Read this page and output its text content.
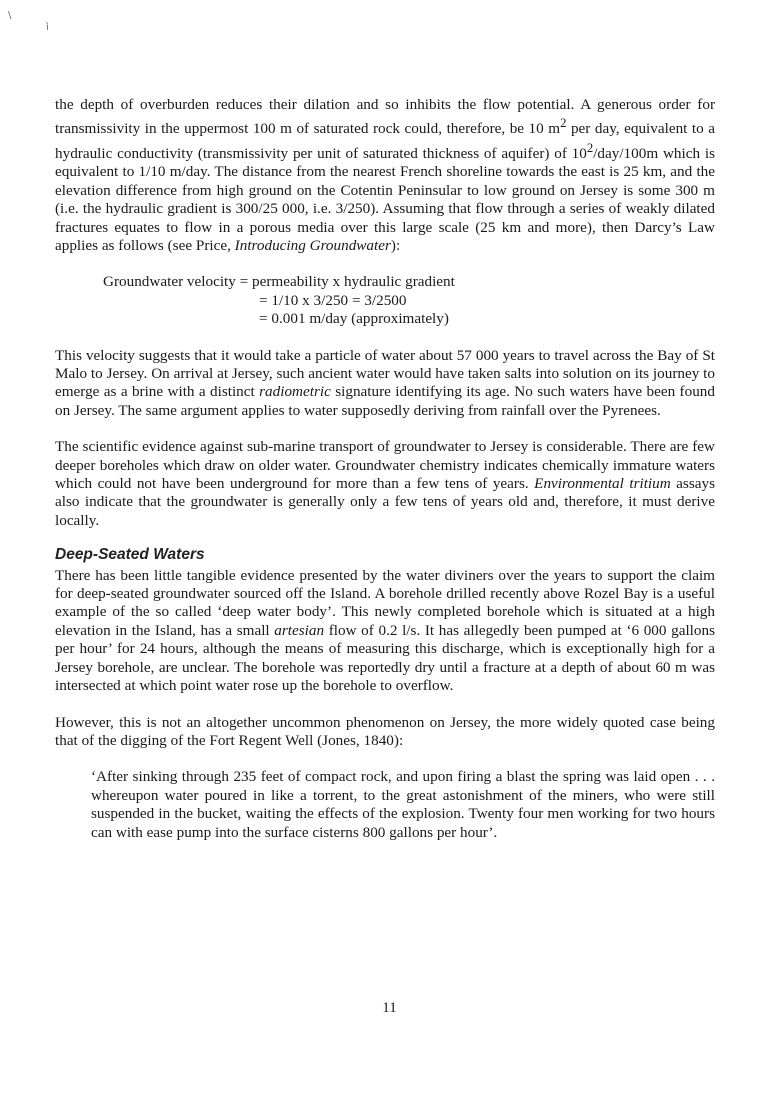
\
ì

the depth of overburden reduces their dilation and so inhibits the flow potential. A generous order for transmissivity in the uppermost 100 m of saturated rock could, therefore, be 10 $m^2$ per day, equivalent to a hydraulic conductivity (transmissivity per unit of saturated thickness of aquifer) of $10^2/day/100m$ which is equivalent to 1/10 m/day. The distance from the nearest French shoreline towards the east is 25 km, and the elevation difference from high ground on the Cotentin Peninsular to low ground on Jersey is some 300 m (i.e. the hydraulic gradient is 300/25 000, i.e. 3/250). Assuming that flow through a series of weakly dilated fractures equates to flow in a porous media over this large scale (25 km and more), then Darcy’s Law applies as follows (see Price, Introducing Groundwater):

Groundwater velocity = permeability x hydraulic gradient
= 1/10 x 3/250 = 3/2500
= 0.001 m/day (approximately)

This velocity suggests that it would take a particle of water about 57 000 years to travel across the Bay of St Malo to Jersey. On arrival at Jersey, such ancient water would have taken salts into solution on its journey to emerge as a brine with a distinct radiometric signature identifying its age. No such waters have been found on Jersey. The same argument applies to water supposedly deriving from rainfall over the Pyrenees.

The scientific evidence against sub-marine transport of groundwater to Jersey is considerable. There are few deeper boreholes which draw on older water. Groundwater chemistry indicates chemically immature waters which could not have been underground for more than a few tens of years. Environmental tritium assays also indicate that the groundwater is generally only a few tens of years old and, therefore, it must derive locally.

Deep-Seated Waters

There has been little tangible evidence presented by the water diviners over the years to support the claim for deep-seated groundwater sourced off the Island. A borehole drilled recently above Rozel Bay is a useful example of the so called ‘deep water body’. This newly completed borehole which is situated at a high elevation in the Island, has a small artesian flow of 0.2 l/s. It has allegedly been pumped at ‘6 000 gallons per hour’ for 24 hours, although the means of measuring this discharge, which is exceptionally high for a Jersey borehole, are unclear. The borehole was reportedly dry until a fracture at a depth of about 60 m was intersected at which point water rose up the borehole to overflow.

However, this is not an altogether uncommon phenomenon on Jersey, the more widely quoted case being that of the digging of the Fort Regent Well (Jones, 1840):

‘After sinking through 235 feet of compact rock, and upon firing a blast the spring was laid open . . . whereupon water poured in like a torrent, to the great astonishment of the miners, who were still suspended in the bucket, waiting the effects of the explosion. Twenty four men working for two hours can with ease pump into the surface cisterns 800 gallons per hour’.

11
